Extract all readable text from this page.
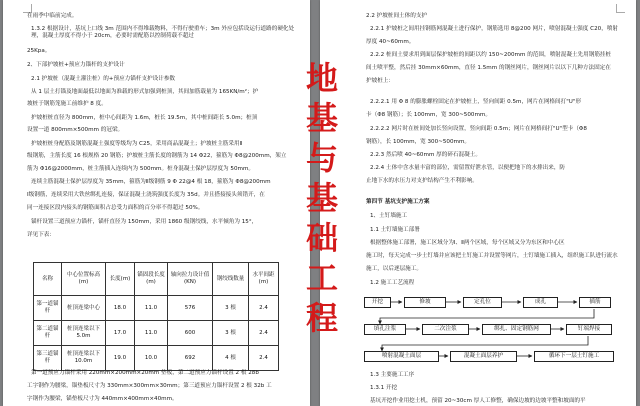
在雨季中临前完成。
1.3.2 根据设计，基坑上口线 3m 范围内不得堆载物料，不得行驶重车；3m 外应包括设运行道路的硬化处理，混凝土厚度不得小于 20cm，必要时需配筋以控制荷载不超过
25Kpa。
2、下部护坡桩+预应力锚杆的支护设计
2.1 护坡桩（混凝土灌注桩）的+预应力锚杆支护设计参数
从 1 层土打锚及地面最低以地面为准载的形式加强到桩顶，其间加筋载量为 165KN/m²；护
坡桩于钢筋笼施工前维护 8 度。
护坡桩桩直径为 800mm，桩中心间距为 1.6m，桩长 19.5m，其中桩间距长 5.0m；桩顶
设置一道 800mm×500mm 的冠梁。
护坡桩桩身配筋及钢筋混凝土强度等级均为 C25，采用商品混凝土；护坡桩主筋采用Ⅱ
级钢筋，主筋长度 16 根规格 20 钢筋；护坡桩主筋长度的钢筋为 14 Φ22，箍筋为 Φ8@200mm，架立
筋为 Φ16@2000mm，桩主筋插入连续内为 500mm。桩身混凝土保护层厚度为 50mm。
连续主筋混凝土保护层厚度为 35mm，箍筋为Ⅱ级钢筋 9 Φ 22@4 根 18，箍筋为 Φ8@200mm
Ⅰ级钢筋，连续采用大铁丝绑扎连接，保证混凝土浇筑强度长度为 35d。并且搭接接头须错开，在
同一连接区段内接头的钢筋面积占总受力面积的百分率不得超过 50%。
锚杆设置三道预应力锚杆，锚杆直径为 150mm，采用 1860 级钢绞线，水平倾角为 15°，
详见下表：
名称	中心位置标高(m)	长度(m)	锚固段长度(m)	轴向拉力设计值(KN)	钢绞线数量	水平间距(m)
第一道锚杆	桩顶连梁中心	18.0	11.0	576	3 根	2.4
第二道锚杆	桩顶连梁以下 5.0m	17.0	11.0	600	3 根	2.4
第三道锚杆	桩顶连梁以下 10.0m	19.0	10.0	692	4 根	2.4
第一道预应力锚杆采用 220mm×200mm×20mm 垫板，第二道预应力锚杆设置 2 根 28b
工字钢作为腰梁，锚垫板尺寸为 330mm×300mm×30mm；第三道预应力锚杆设置 2 根 32b 工
字钢作为腰梁，锚垫板尺寸为 440mm×400mm×40mm。
2.2 护坡桩间土体的支护
2.2.1 护坡桩之间用挂钢筋网混凝土进行保护，钢筋选用 8@200 网片，喷射混凝土强度 C20，喷射
厚度 40~60mm。
2.2.2 桩间土要求用到面层保护坡桩的间距以约 150~200mm 的范围，喷射混凝土先用钢筋挂桩
间土喷平整，然后挂 30mm×60mm，直径 1.5mm 的钢丝网片，钢丝网片以以下几种方法固定在
护坡桩上：
2.2.2.1 用 Φ 8 的膨胀螺栓固定在护坡桩上，竖向间距 0.5m，网片在网格间打"U"形
卡（Φ8 钢筋）；长 100mm，宽 300~500mm。
2.2.2.2 网片时在桩间处加长竖向设置，竖向间距 0.5m；网片在网格间打"U"型卡（Φ8
钢筋），长 100mm，宽 300~500mm。
2.2.3 然后喷 40~60mm 厚的碎石混凝土。
2.2.4 土体中含水量丰富的部位，需留置好泄水管，以便把地下的水排出来，防
止地下水的水压力对支护结构产生不利影响。
第四节 基坑支护施工方案
1、土钉墙施工
1.1 土钉墙施工部署
根据整体施工部署，施工区域分为Ⅰ、Ⅱ两个区域，每个区域又分为东区和中心区
施工时，每天完成一步土钉墙并应该把土钉施工并设置等网片，土钉墙施工插入，组织施工队进行流水
施工，以后逐层施工。
1.2 施工工艺流程
开挖	修坡	定孔位	成孔	插筋
填孔注浆	二次注浆	绑扎、固定钢筋网	钉端焊接
喷射混凝土面层	混凝土面层养护	循环下一层土钉施工
1.3 主要施工工序
1.3.1 开挖
基坑开挖作业用挖土机，预留 20~30cm 厚人工修整，确保边坡的边坡平整和坡面的平
地
基
与
基
础
工
程
